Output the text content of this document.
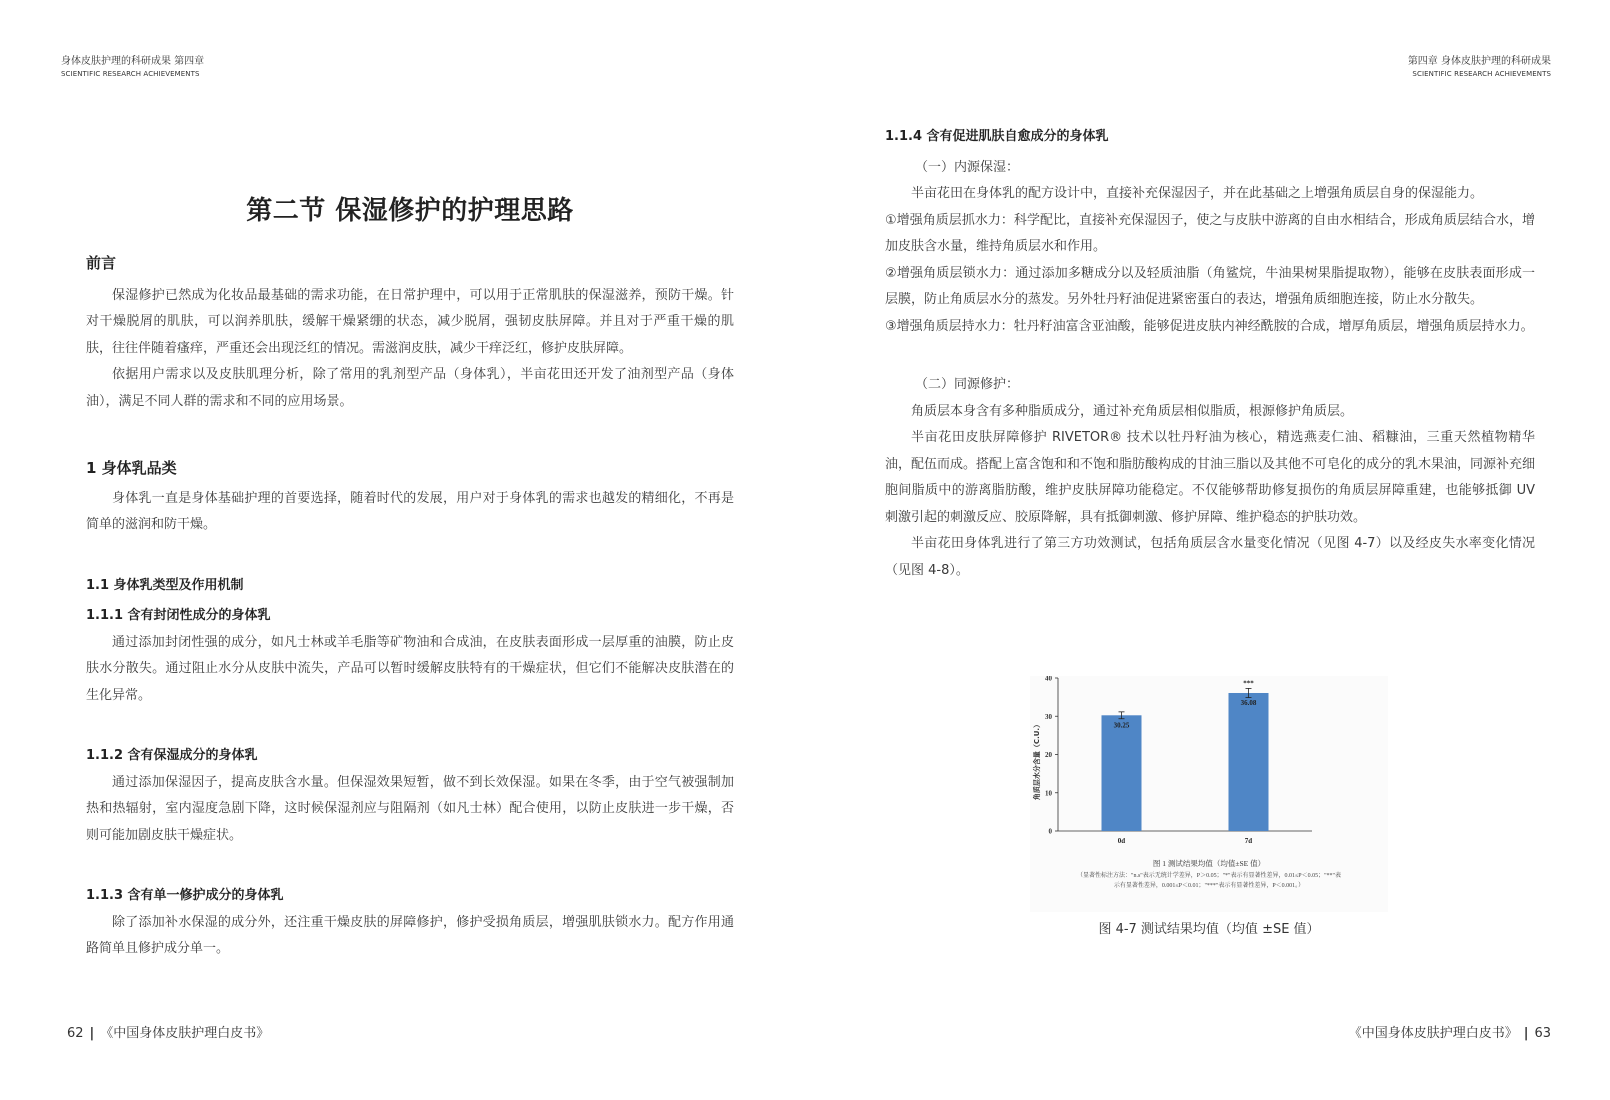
身体皮肤护理的科研成果 第四章
SCIENTIFIC RESEARCH ACHIEVEMENTS
第二节 保湿修护的护理思路
前言
保湿修护已然成为化妆品最基础的需求功能，在日常护理中，可以用于正常肌肤的保湿滋养，预防干燥。针对干燥脱屑的肌肤，可以润养肌肤，缓解干燥紧绷的状态，减少脱屑，强韧皮肤屏障。并且对于严重干燥的肌肤，往往伴随着瘙痒，严重还会出现泛红的情况。需滋润皮肤，减少干痒泛红，修护皮肤屏障。
依据用户需求以及皮肤肌理分析，除了常用的乳剂型产品（身体乳），半亩花田还开发了油剂型产品（身体油），满足不同人群的需求和不同的应用场景。
1 身体乳品类
身体乳一直是身体基础护理的首要选择，随着时代的发展，用户对于身体乳的需求也越发的精细化，不再是简单的滋润和防干燥。
1.1 身体乳类型及作用机制
1.1.1 含有封闭性成分的身体乳
通过添加封闭性强的成分，如凡士林或羊毛脂等矿物油和合成油，在皮肤表面形成一层厚重的油膜，防止皮肤水分散失。通过阻止水分从皮肤中流失，产品可以暂时缓解皮肤特有的干燥症状，但它们不能解决皮肤潜在的生化异常。
1.1.2 含有保湿成分的身体乳
通过添加保湿因子，提高皮肤含水量。但保湿效果短暂，做不到长效保湿。如果在冬季，由于空气被强制加热和热辐射，室内湿度急剧下降，这时候保湿剂应与阻隔剂（如凡士林）配合使用，以防止皮肤进一步干燥，否则可能加剧皮肤干燥症状。
1.1.3 含有单一修护成分的身体乳
除了添加补水保湿的成分外，还注重干燥皮肤的屏障修护，修护受损角质层，增强肌肤锁水力。配方作用通路简单且修护成分单一。
62 | 《中国身体皮肤护理白皮书》
第四章 身体皮肤护理的科研成果
SCIENTIFIC RESEARCH ACHIEVEMENTS
1.1.4 含有促进肌肤自愈成分的身体乳
（一）内源保湿：
半亩花田在身体乳的配方设计中，直接补充保湿因子，并在此基础之上增强角质层自身的保湿能力。
①增强角质层抓水力：科学配比，直接补充保湿因子，使之与皮肤中游离的自由水相结合，形成角质层结合水，增加皮肤含水量，维持角质层水和作用。
②增强角质层锁水力：通过添加多糖成分以及轻质油脂（角鲨烷，牛油果树果脂提取物），能够在皮肤表面形成一层膜，防止角质层水分的蒸发。另外牡丹籽油促进紧密蛋白的表达，增强角质细胞连接，防止水分散失。
③增强角质层持水力：牡丹籽油富含亚油酸，能够促进皮肤内神经酰胺的合成，增厚角质层，增强角质层持水力。
（二）同源修护：
角质层本身含有多种脂质成分，通过补充角质层相似脂质，根源修护角质层。
半亩花田皮肤屏障修护 RIVETOR® 技术以牡丹籽油为核心，精选燕麦仁油、稻糠油，三重天然植物精华油，配伍而成。搭配上富含饱和和不饱和脂肪酸构成的甘油三脂以及其他不可皂化的成分的乳木果油，同源补充细胞间脂质中的游离脂肪酸，维护皮肤屏障功能稳定。不仅能够帮助修复损伤的角质层屏障重建，也能够抵御 UV 刺激引起的刺激反应、胶原降解，具有抵御刺激、修护屏障、维护稳态的护肤功效。
半亩花田身体乳进行了第三方功效测试，包括角质层含水量变化情况（见图 4-7）以及经皮失水率变化情况（见图 4-8）。
《中国身体皮肤护理白皮书》 | 63
0
10
20
30
40
角质层水分含量（C.U.）	30.25
0d
36.08
***
7d
图 1 测试结果均值（均值±SE 值）
（显著性标注方法："n.s"表示无统计学差异，P＞0.05；"*"表示有显著性差异，0.01≤P＜0.05；"**"表
示有显著性差异，0.001≤P＜0.01；"***"表示有显著性差异，P＜0.001。）
图 4-7 测试结果均值（均值 ±SE 值）
